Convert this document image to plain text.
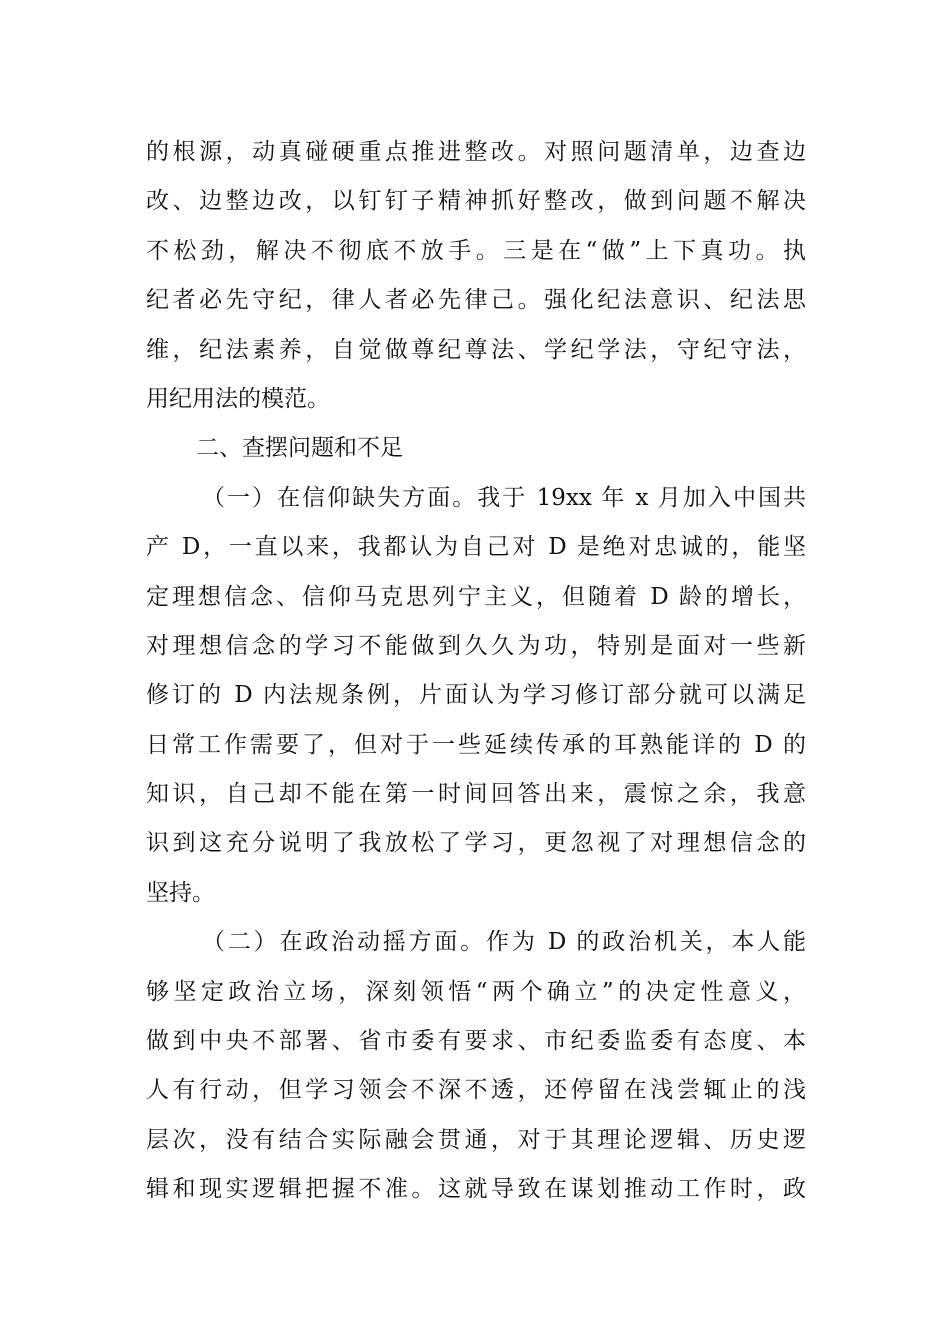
的根源，动真碰硬重点推进整改。对照问题清单，边查边
改、边整边改，以钉钉子精神抓好整改，做到问题不解决
不松劲，解决不彻底不放手。三是在“做”上下真功。执
纪者必先守纪，律人者必先律己。强化纪法意识、纪法思
维，纪法素养，自觉做尊纪尊法、学纪学法，守纪守法，
用纪用法的模范。
二、查摆问题和不足
（一）在信仰缺失方面。我于 19xx 年 x 月加入中国共
产 D，一直以来，我都认为自己对 D 是绝对忠诚的，能坚
定理想信念、信仰马克思列宁主义，但随着 D 龄的增长，
对理想信念的学习不能做到久久为功，特别是面对一些新
修订的 D 内法规条例，片面认为学习修订部分就可以满足
日常工作需要了，但对于一些延续传承的耳熟能详的 D 的
知识，自己却不能在第一时间回答出来，震惊之余，我意
识到这充分说明了我放松了学习，更忽视了对理想信念的
坚持。
（二）在政治动摇方面。作为 D 的政治机关，本人能
够坚定政治立场，深刻领悟“两个确立”的决定性意义，
做到中央不部署、省市委有要求、市纪委监委有态度、本
人有行动，但学习领会不深不透，还停留在浅尝辄止的浅
层次，没有结合实际融会贯通，对于其理论逻辑、历史逻
辑和现实逻辑把握不准。这就导致在谋划推动工作时，政
